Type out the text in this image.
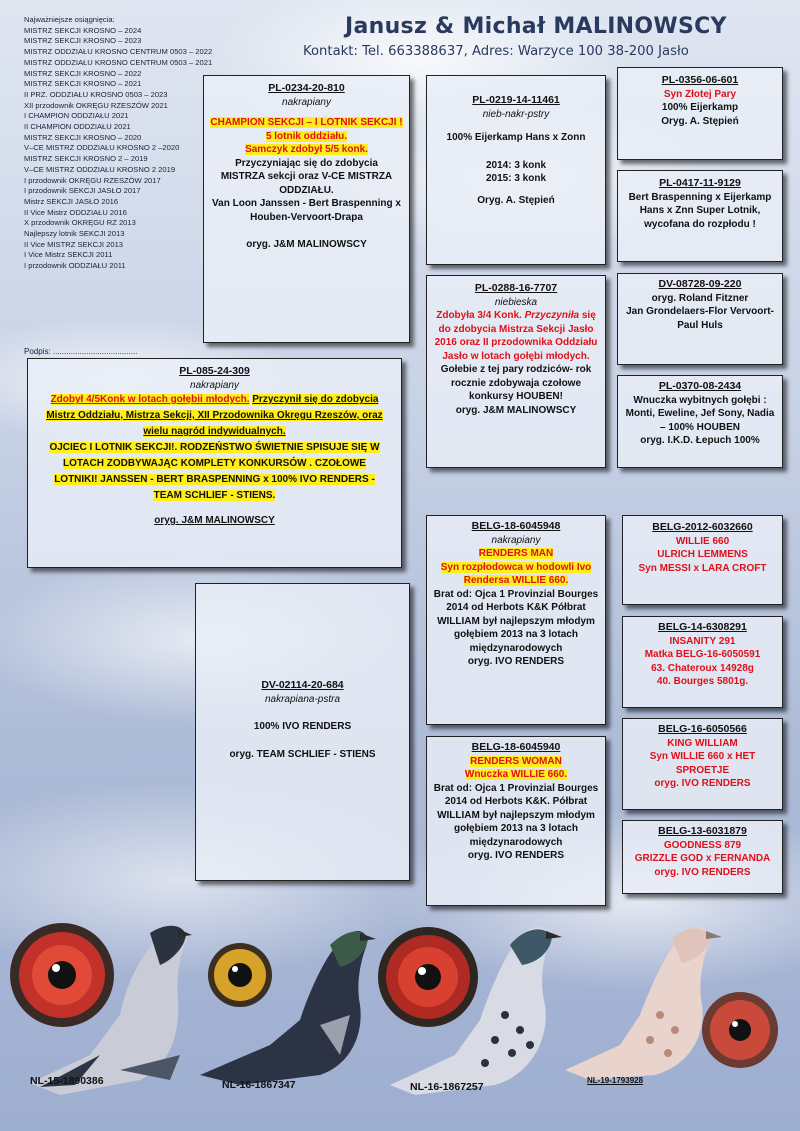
Najważniejsze osiągnięcia:
MISTRZ SEKCJI KROSNO – 2024
MISTRZ SEKCJI KROSNO – 2023
MISTRZ ODDZIAŁU KROSNO CENTRUM 0503 – 2022
MISTRZ ODDZIAŁU KROSNO CENTRUM 0503 – 2021
MISTRZ SEKCJI KROSNO – 2022
MISTRZ SEKCJI KROSNO – 2021
II PRZ. ODDZIAŁU KROSNO 0503 – 2023
XII przodownik OKRĘGU RZESZÓW 2021
I CHAMPION ODDZIAŁU 2021
II CHAMPION ODDZIAŁU 2021
MISTRZ SEKCJI KROSNO – 2020
V–CE MISTRZ ODDZIAŁU KROSNO 2 –2020
MISTRZ SEKCJI KROSNO 2 – 2019
V–CE MISTRZ ODDZIAŁU KROSNO 2 2019
I przodownik OKRĘGU RZESZÓW 2017
I przodownik SEKCJI JASŁO 2017
Mistrz SEKCJI JASŁO 2016
II Vice Mistrz ODDZIAŁU 2016
X przodownik OKRĘGU RZ 2013
Najlepszy lotnik SEKCJI 2013
II Vice MISTRZ SEKCJI 2013
I Vice Mistrz SEKCJI 2011
I przodownik ODDZIAŁU 2011
Podpis: ......................................
Janusz & Michał MALINOWSCY
Kontakt: Tel. 663388637, Adres: Warzyce 100 38-200 Jasło
PL-0234-20-810
nakrapiany
CHAMPION SEKCJI – I LOTNIK SEKCJI !
5 lotnik oddziału.
Samczyk zdobył 5/5 konk.
Przyczyniając się do zdobycia MISTRZA sekcji oraz V-CE MISTRZA ODDZIAŁU.
Van Loon Janssen - Bert Braspenning x Houben-Vervoort-Drapa
oryg. J&M MALINOWSCY
PL-0219-14-11461
nieb-nakr-pstry
100% Eijerkamp Hans x Zonn
2014: 3 konk
2015: 3 konk
Oryg. A. Stępień
PL-0356-06-601
Syn Złotej Pary
100% Eijerkamp
Oryg. A. Stępień
PL-0417-11-9129
Bert Braspenning x Eijerkamp Hans x Znn Super Lotnik, wycofana do rozpłodu !
PL-0288-16-7707
niebieska
Zdobyła 3/4 Konk. Przyczyniła się do zdobycia Mistrza Sekcji Jasło 2016 oraz II przodownika Oddziału Jasło w lotach gołębi młodych.
Gołebie z tej pary rodziców- rok rocznie zdobywaja czołowe konkursy HOUBEN!
oryg. J&M MALINOWSCY
DV-08728-09-220
oryg. Roland Fitzner
Jan Grondelaers-Flor Vervoort-Paul Huls
PL-0370-08-2434
Wnuczka wybitnych gołębi : Monti, Eweline, Jef Sony, Nadia – 100% HOUBEN
oryg. I.K.D. Łepuch 100%
PL-085-24-309
nakrapiany
Zdobył 4/5Konk w lotach gołębii młodych. Przyczynił się do zdobycia Mistrz Oddziału, Mistrza Sekcji, XII Przodownika Okręgu Rzeszów, oraz wielu nagród indywidualnych.
OJCIEC I LOTNIK SEKCJI!. RODZEŃSTWO ŚWIETNIE SPISUJE SIĘ W LOTACH ZODBYWAJĄC KOMPLETY KONKURSÓW . CZOŁOWE LOTNIKI! JANSSEN - BERT BRASPENNING x 100% IVO RENDERS - TEAM SCHLIEF - STIENS.
oryg. J&M MALINOWSCY	BELG-18-6045948
nakrapiany
RENDERS MAN
Syn rozpłodowca w hodowli Ivo Rendersa WILLIE 660.
Brat od: Ojca 1 Provinzial Bourges 2014 od Herbots K&K Półbrat WILLIAM był najlepszym młodym gołębiem 2013 na 3 lotach międzynarodowych
oryg. IVO RENDERS
BELG-2012-6032660
WILLIE 660
ULRICH LEMMENS
Syn MESSI x LARA CROFT
BELG-14-6308291
INSANITY 291
Matka BELG-16-6050591
63. Chateroux 14928g
40. Bourges 5801g.
DV-02114-20-684
nakrapiana-pstra
100% IVO RENDERS
oryg. TEAM SCHLIEF - STIENS
BELG-16-6050566
KING WILLIAM
Syn WILLIE 660 x HET SPROETJE
oryg. IVO RENDERS
BELG-18-6045940
RENDERS WOMAN
Wnuczka WILLIE 660.
Brat od: Ojca 1 Provinzial Bourges 2014 od Herbots K&K. Półbrat WILLIAM był najlepszym młodym gołębiem 2013 na 3 lotach międzynarodowych
oryg. IVO RENDERS
BELG-13-6031879
GOODNESS 879
GRIZZLE GOD x FERNANDA
oryg. IVO RENDERS
NL-15-1890386	NL-16-1867347	NL-16-1867257
NL-19-1793928
